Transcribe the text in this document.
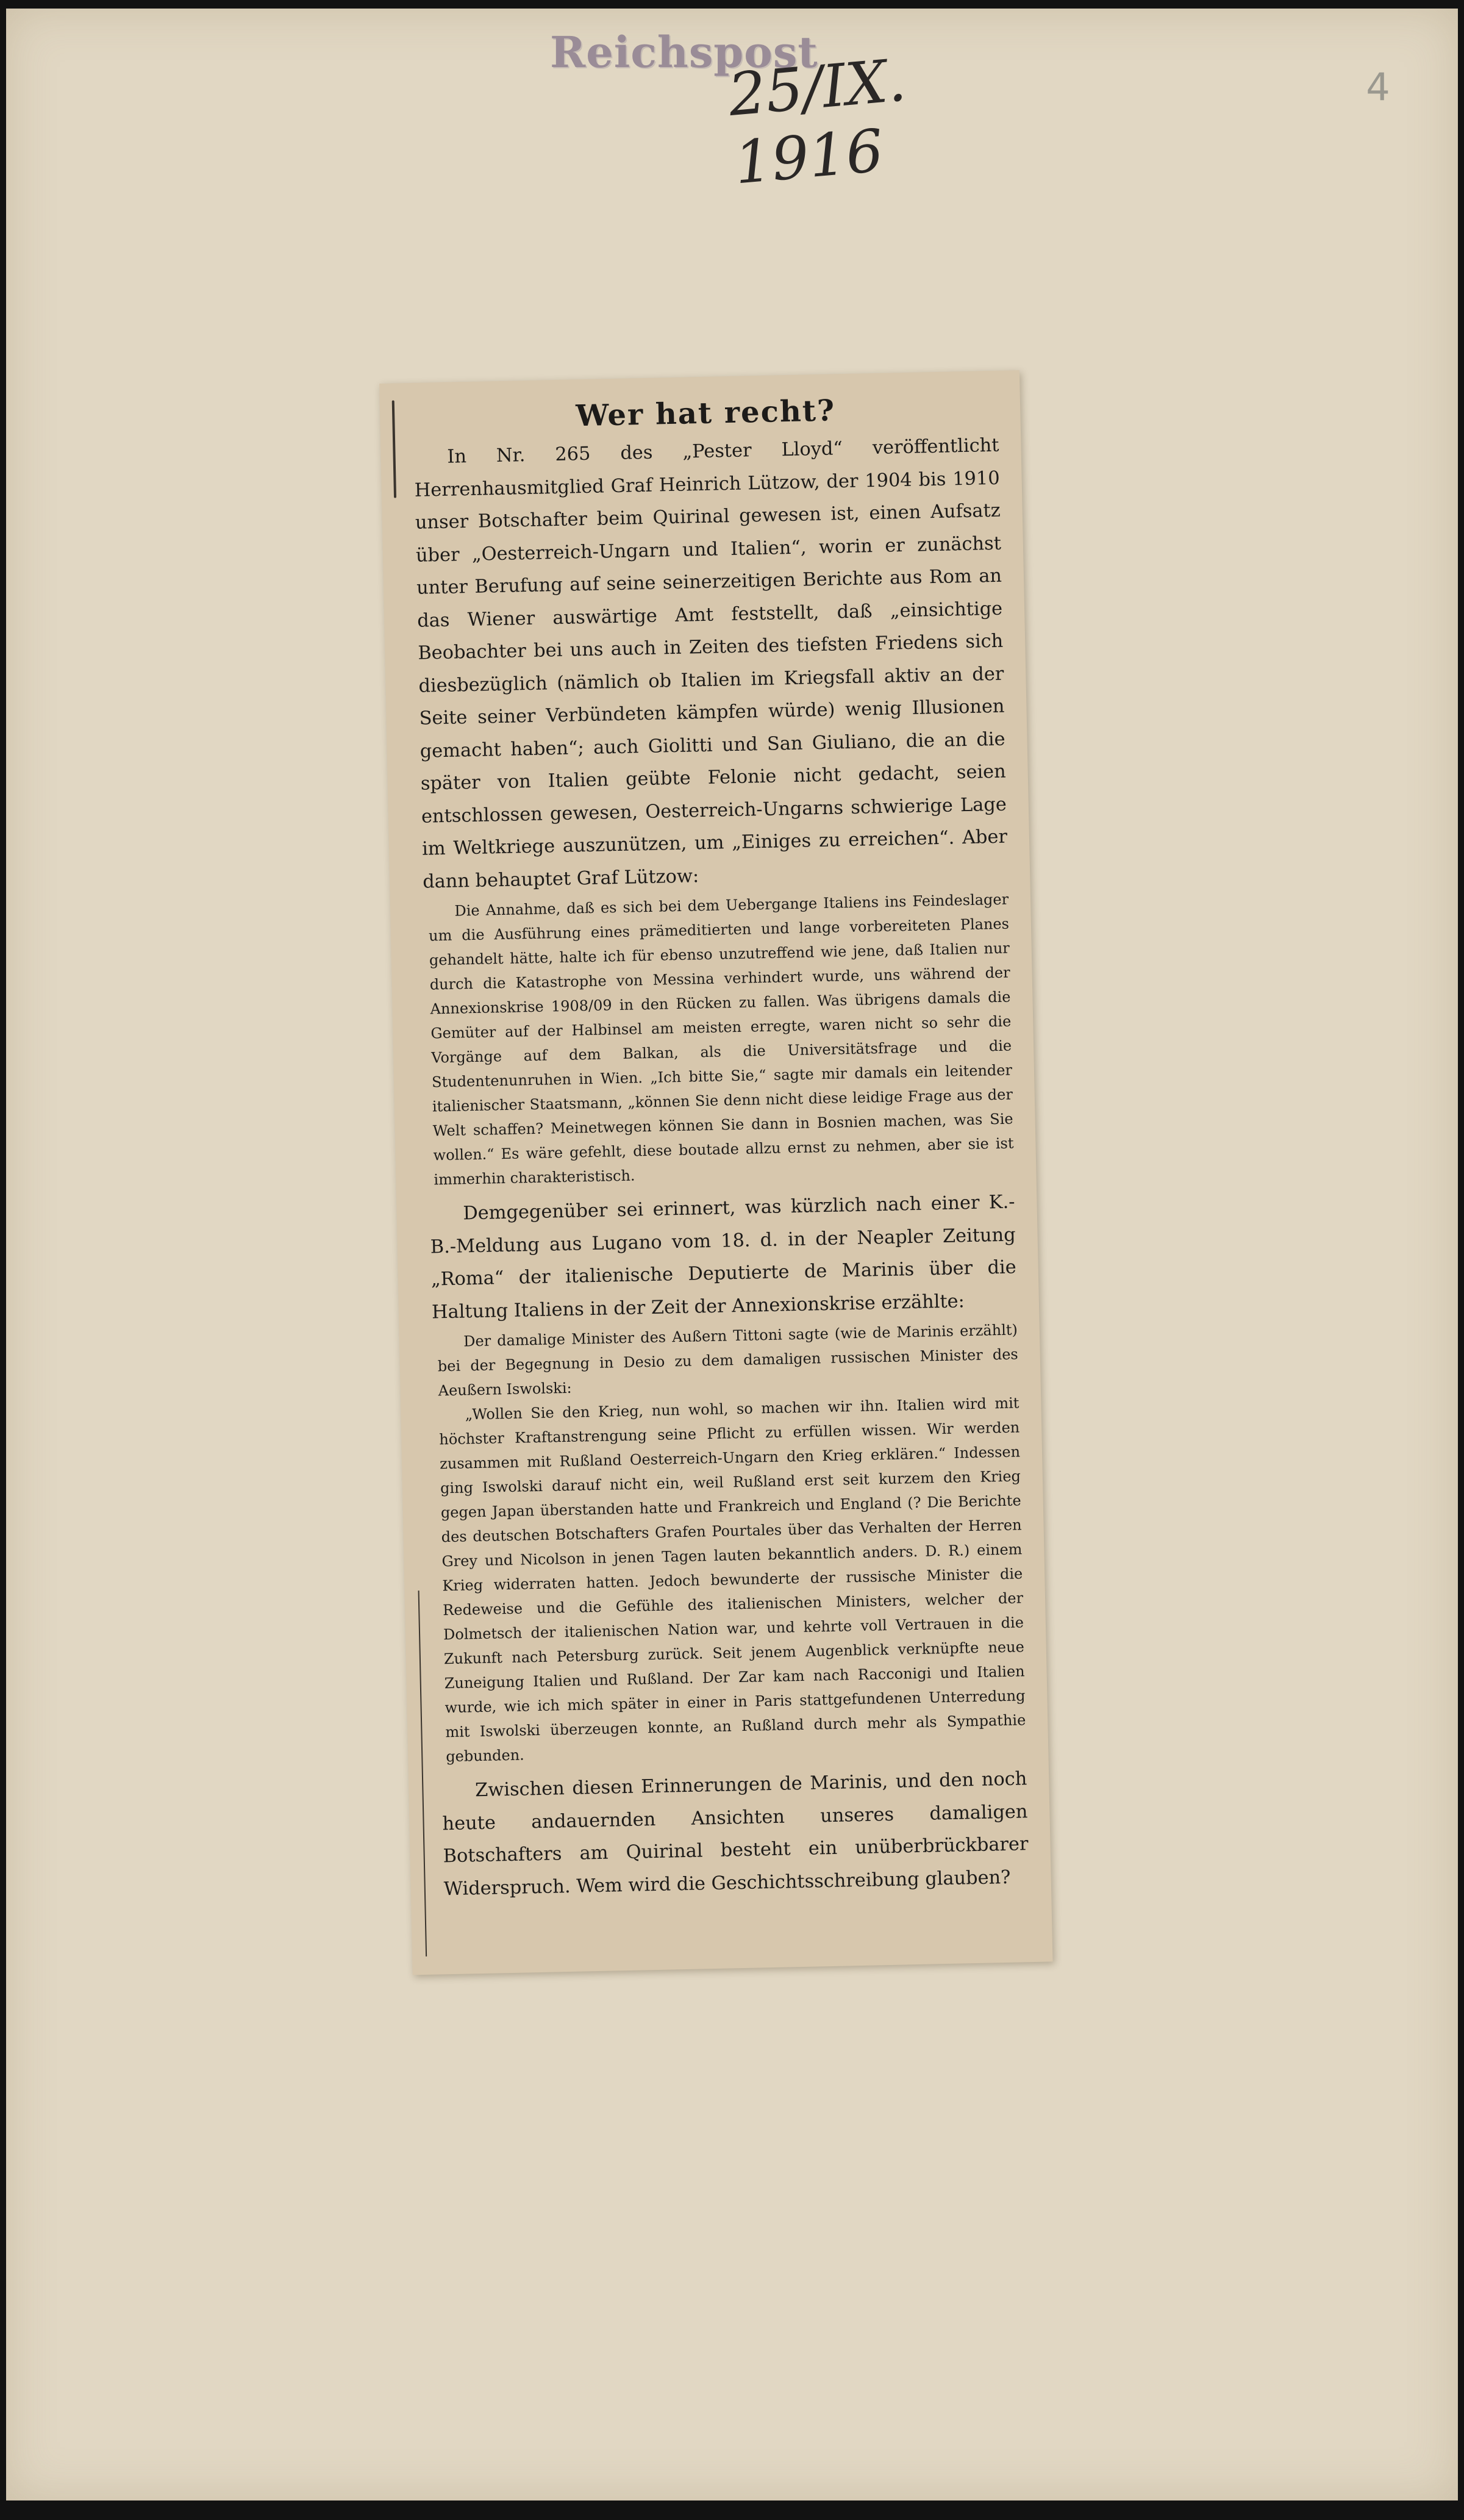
Reichspost
25/IX. 1916
4
Wer hat recht?

In Nr. 265 des „Pester Lloyd“ veröffentlicht Herrenhausmitglied Graf Heinrich Lützow, der 1904 bis 1910 unser Botschafter beim Quirinal gewesen ist, einen Aufsatz über „Oesterreich-Ungarn und Italien“, worin er zunächst unter Berufung auf seine seinerzeitigen Berichte aus Rom an das Wiener auswärtige Amt feststellt, daß „einsichtige Beobachter bei uns auch in Zeiten des tiefsten Friedens sich diesbezüglich (nämlich ob Italien im Kriegsfall aktiv an der Seite seiner Verbündeten kämpfen würde) wenig Illusionen gemacht haben“; auch Giolitti und San Giuliano, die an die später von Italien geübte Felonie nicht gedacht, seien entschlossen gewesen, Oesterreich-Ungarns schwierige Lage im Weltkriege auszunützen, um „Einiges zu erreichen“. Aber dann behauptet Graf Lützow:

Die Annahme, daß es sich bei dem Uebergange Italiens ins Feindeslager um die Ausführung eines prämeditierten und lange vorbereiteten Planes gehandelt hätte, halte ich für ebenso unzutreffend wie jene, daß Italien nur durch die Katastrophe von Messina verhindert wurde, uns während der Annexionskrise 1908/09 in den Rücken zu fallen. Was übrigens damals die Gemüter auf der Halbinsel am meisten erregte, waren nicht so sehr die Vorgänge auf dem Balkan, als die Universitätsfrage und die Studentenunruhen in Wien. „Ich bitte Sie,“ sagte mir damals ein leitender italienischer Staatsmann, „können Sie denn nicht diese leidige Frage aus der Welt schaffen? Meinetwegen können Sie dann in Bosnien machen, was Sie wollen.“ Es wäre gefehlt, diese boutade allzu ernst zu nehmen, aber sie ist immerhin charakteristisch.

Demgegenüber sei erinnert, was kürzlich nach einer K.-B.-Meldung aus Lugano vom 18. d. in der Neapler Zeitung „Roma“ der italienische Deputierte de Marinis über die Haltung Italiens in der Zeit der Annexionskrise erzählte:

Der damalige Minister des Außern Tittoni sagte (wie de Marinis erzählt) bei der Begegnung in Desio zu dem damaligen russischen Minister des Aeußern Iswolski:

„Wollen Sie den Krieg, nun wohl, so machen wir ihn. Italien wird mit höchster Kraftanstrengung seine Pflicht zu erfüllen wissen. Wir werden zusammen mit Rußland Oesterreich-Ungarn den Krieg erklären.“ Indessen ging Iswolski darauf nicht ein, weil Rußland erst seit kurzem den Krieg gegen Japan überstanden hatte und Frankreich und England (? Die Berichte des deutschen Botschafters Grafen Pourtales über das Verhalten der Herren Grey und Nicolson in jenen Tagen lauten bekanntlich anders. D. R.) einem Krieg widerraten hatten. Jedoch bewunderte der russische Minister die Redeweise und die Gefühle des italienischen Ministers, welcher der Dolmetsch der italienischen Nation war, und kehrte voll Vertrauen in die Zukunft nach Petersburg zurück. Seit jenem Augenblick verknüpfte neue Zuneigung Italien und Rußland. Der Zar kam nach Racconigi und Italien wurde, wie ich mich später in einer in Paris stattgefundenen Unterredung mit Iswolski überzeugen konnte, an Rußland durch mehr als Sympathie gebunden.

Zwischen diesen Erinnerungen de Marinis, und den noch heute andauernden Ansichten unseres damaligen Botschafters am Quirinal besteht ein unüberbrückbarer Widerspruch. Wem wird die Geschichtsschreibung glauben?
